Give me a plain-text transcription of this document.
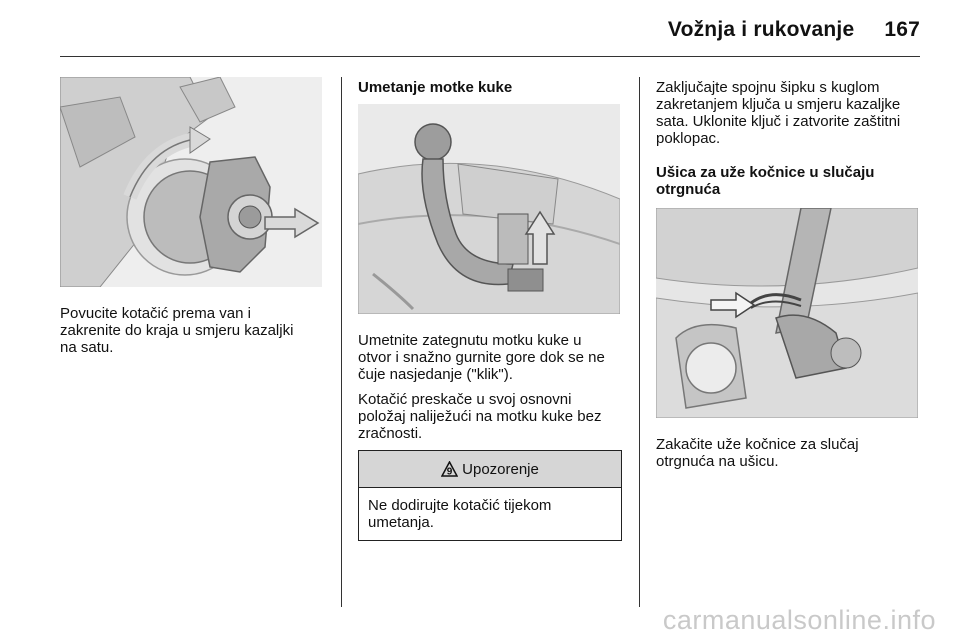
Vožnja i rukovanje 167
Povucite kotačić prema van i
zakrenite do kraja u smjeru kazaljki
na satu.
Umetanje motke kuke
Umetnite zategnutu motku kuke u
otvor i snažno gurnite gore dok se ne
čuje nasjedanje ("klik").
Kotačić preskače u svoj osnovni
položaj naliježući na motku kuke bez
zračnosti.
9 Upozorenje
Ne dodirujte kotačić tijekom
umetanja.
Zaključajte spojnu šipku s kuglom
zakretanjem ključa u smjeru kazaljke
sata. Uklonite ključ i zatvorite zaštitni
poklopac.
Ušica za uže kočnice u slučaju
otrgnuća
Zakačite uže kočnice za slučaj
otrgnuća na ušicu.
carmanualsonline.info
